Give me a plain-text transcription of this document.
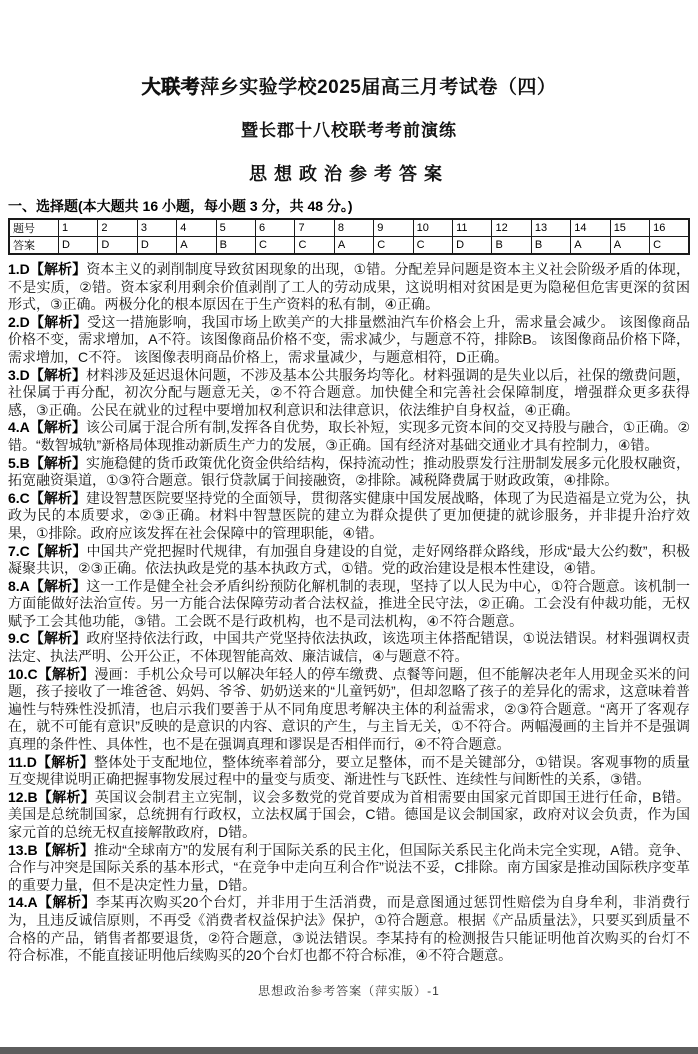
大联考萍乡实验学校2025届高三月考试卷（四）
暨长郡十八校联考考前演练
思想政治参考答案
一、选择题(本大题共 16 小题，每小题 3 分，共 48 分。)
题号	1	2	3	4	5	6	7	8	9	10	11	12	13	14	15	16
答案	D	D	D	A	B	C	C	A	C	C	D	B	B	A	A	C

1.D【解析】资本主义的剥削制度导致贫困现象的出现，①错。分配差异问题是资本主义社会阶级矛盾的体现，不是实质，②错。资本家利用剩余价值剥削了工人的劳动成果，这说明相对贫困是更为隐秘但危害更深的贫困形式，③正确。两极分化的根本原因在于生产资料的私有制，④正确。

2.D【解析】受这一措施影响，我国市场上欧美产的大排量燃油汽车价格会上升，需求量会减少。 该图像商品价格不变，需求增加，A不符。该图像商品价格不变，需求减少，与题意不符，排除B。 该图像商品价格下降，需求增加，C不符。 该图像表明商品价格上，需求量减少，与题意相符，D正确。

3.D【解析】材料涉及延迟退休问题，不涉及基本公共服务均等化。材料强调的是失业以后，社保的缴费问题，社保属于再分配，初次分配与题意无关，②不符合题意。加快健全和完善社会保障制度，增强群众更多获得感，③正确。公民在就业的过程中要增加权利意识和法律意识，依法维护自身权益，④正确。

4.A【解析】该公司属于混合所有制,发挥各自优势，取长补短，实现多元资本间的交叉持股与融合，①正确。②错。“数智城轨”新格局体现推动新质生产力的发展，③正确。国有经济对基础交通业才具有控制力，④错。

5.B【解析】实施稳健的货币政策优化资金供给结构，保持流动性；推动股票发行注册制发展多元化股权融资，拓宽融资渠道，①③符合题意。银行贷款属于间接融资，②排除。减税降费属于财政政策，④排除。

6.C【解析】建设智慧医院要坚持党的全面领导，贯彻落实健康中国发展战略，体现了为民造福是立党为公，执政为民的本质要求，②③正确。材料中智慧医院的建立为群众提供了更加便捷的就诊服务，并非提升治疗效果，①排除。政府应该发挥在社会保障中的管理职能，④错。

7.C【解析】中国共产党把握时代规律，有加强自身建设的自觉，走好网络群众路线，形成“最大公约数”，积极凝聚共识，②③正确。依法执政是党的基本执政方式，①错。党的政治建设是根本性建设，④错。

8.A【解析】这一工作是健全社会矛盾纠纷预防化解机制的表现，坚持了以人民为中心，①符合题意。该机制一方面能做好法治宣传。另一方能合法保障劳动者合法权益，推进全民守法，②正确。工会没有仲裁功能，无权赋予工会其他功能，③错。工会既不是行政机构，也不是司法机构，④不符合题意。

9.C【解析】政府坚持依法行政，中国共产党坚持依法执政，该选项主体搭配错误，①说法错误。材料强调权责法定、执法严明、公开公正，不体现智能高效、廉洁诚信，④与题意不符。

10.C【解析】漫画：手机公众号可以解决年轻人的停车缴费、点餐等问题，但不能解决老年人用现金买米的问题，孩子接收了一堆爸爸、妈妈、爷爷、奶奶送来的“儿童钙奶”，但却忽略了孩子的差异化的需求，这意味着普遍性与特殊性没抓清，也启示我们要善于从不同角度思考解决主体的利益需求，②③符合题意。“离开了客观存在，就不可能有意识”反映的是意识的内容、意识的产生，与主旨无关，①不符合。两幅漫画的主旨并不是强调真理的条件性、具体性，也不是在强调真理和谬误是否相伴而行，④不符合题意。

11.D【解析】整体处于支配地位，整体统率着部分，要立足整体，而不是关键部分，①错误。客观事物的质量互变规律说明正确把握事物发展过程中的量变与质变、渐进性与飞跃性、连续性与间断性的关系，③错。

12.B【解析】英国议会制君主立宪制，议会多数党的党首要成为首相需要由国家元首即国王进行任命，B错。美国是总统制国家，总统拥有行政权，立法权属于国会，C错。德国是议会制国家，政府对议会负责，作为国家元首的总统无权直接解散政府，D错。

13.B【解析】推动“全球南方”的发展有利于国际关系的民主化，但国际关系民主化尚未完全实现，A错。竞争、合作与冲突是国际关系的基本形式，“在竞争中走向互利合作”说法不妥，C排除。南方国家是推动国际秩序变革的重要力量，但不是决定性力量，D错。

14.A【解析】李某再次购买20个台灯，并非用于生活消费，而是意图通过惩罚性赔偿为自身牟利，非消费行为，且违反诚信原则，不再受《消费者权益保护法》保护，①符合题意。根据《产品质量法》，只要买到质量不合格的产品，销售者都要退货，②符合题意，③说法错误。李某持有的检测报告只能证明他首次购买的台灯不符合标准，不能直接证明他后续购买的20个台灯也都不符合标准，④不符合题意。

思想政治参考答案（萍实版）-1
